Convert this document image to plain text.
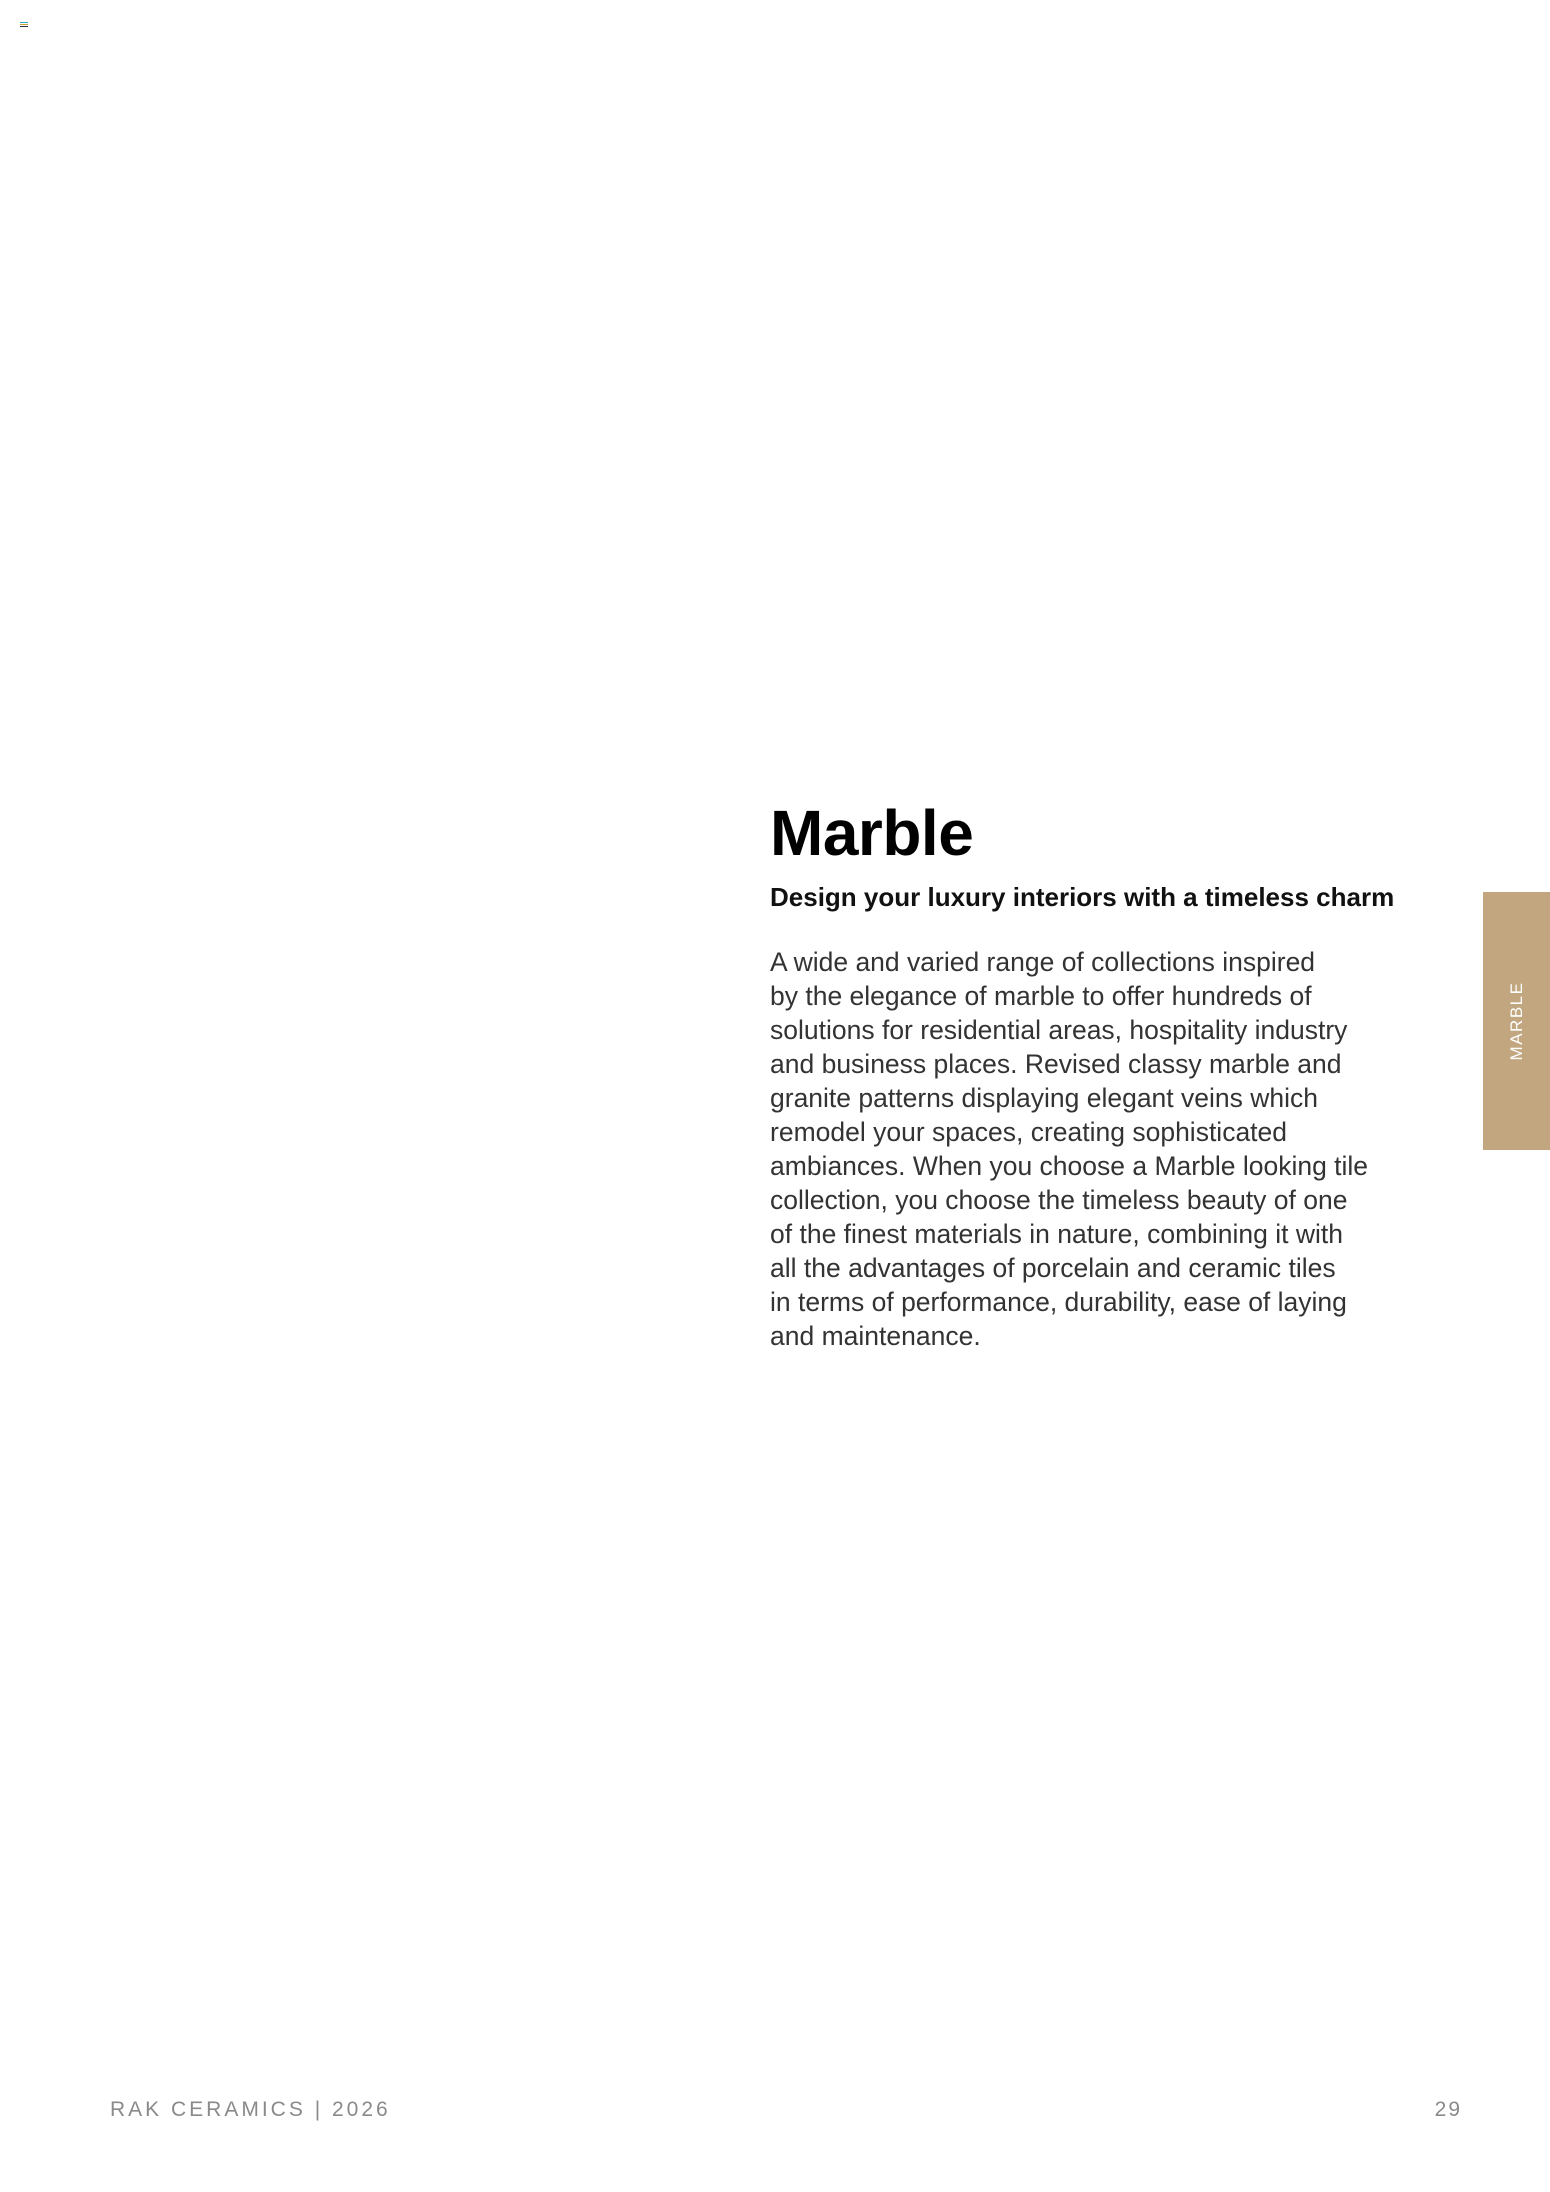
Marble

Design your luxury interiors with a timeless charm

A wide and varied range of collections inspired
by the elegance of marble to offer hundreds of
solutions for residential areas, hospitality industry
and business places. Revised classy marble and
granite patterns displaying elegant veins which
remodel your spaces, creating sophisticated
ambiances. When you choose a Marble looking tile
collection, you choose the timeless beauty of one
of the finest materials in nature, combining it with
all the advantages of porcelain and ceramic tiles
in terms of performance, durability, ease of laying
and maintenance.

MARBLE
RAK CERAMICS | 2026	29
